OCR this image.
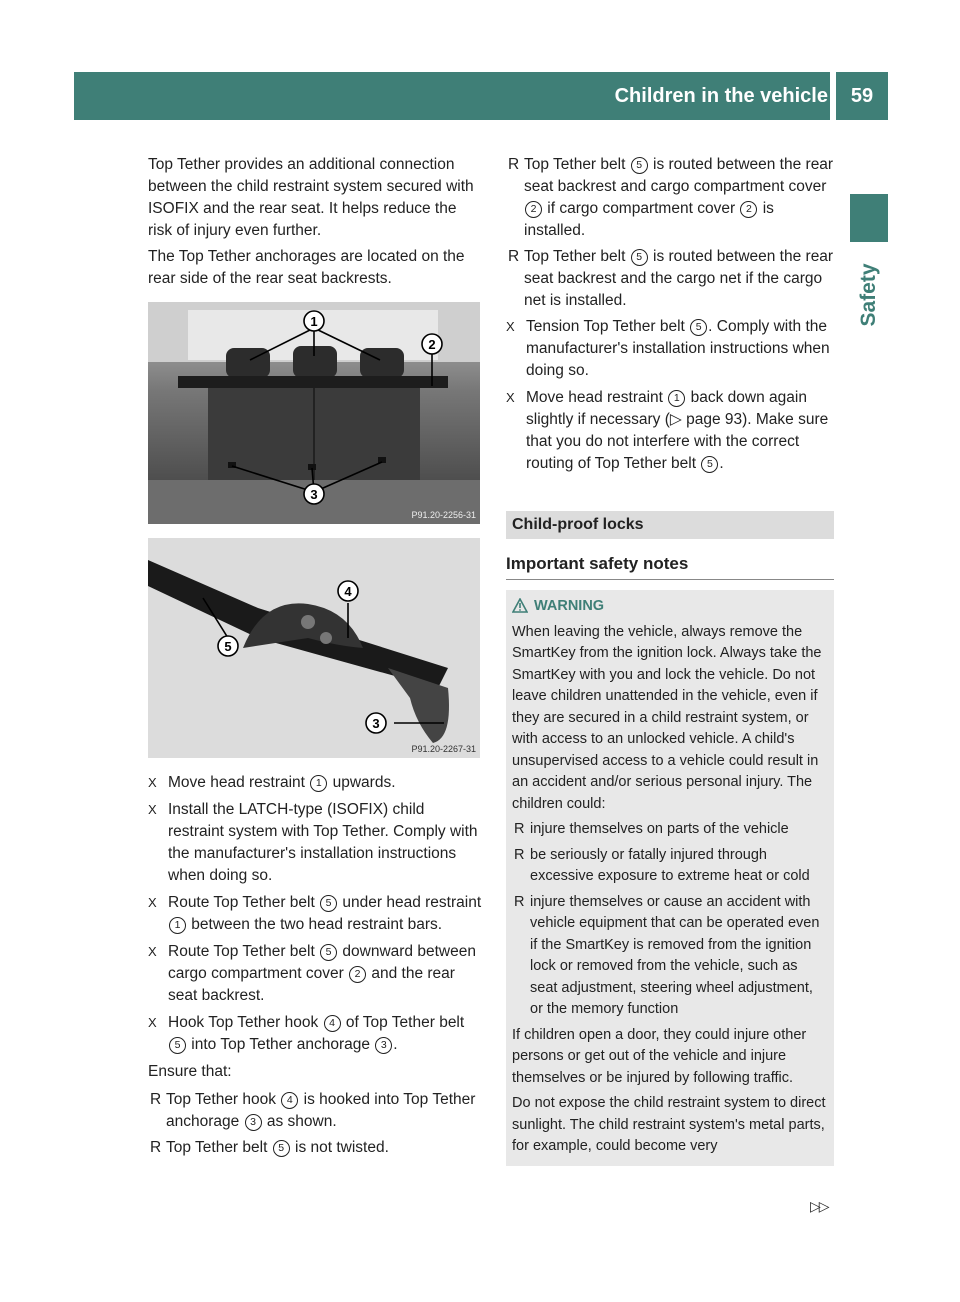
Children in the vehicle	59
Safety

Top Tether provides an additional connection between the child restraint system secured with ISOFIX and the rear seat. It helps reduce the risk of injury even further.

The Top Tether anchorages are located on the rear side of the rear seat backrests.

1
2
3
P91.20-2256-31
4
5
3
P91.20-2267-31

X Move head restraint 1 upwards.

X Install the LATCH-type (ISOFIX) child restraint system with Top Tether. Comply with the manufacturer's installation instructions when doing so.

X Route Top Tether belt 5 under head restraint 1 between the two head restraint bars.

X Route Top Tether belt 5 downward between cargo compartment cover 2 and the rear seat backrest.

X Hook Top Tether hook 4 of Top Tether belt 5 into Top Tether anchorage 3 .

Ensure that:

R Top Tether hook 4 is hooked into Top Tether anchorage 3 as shown.

R Top Tether belt 5 is not twisted.

R Top Tether belt 5 is routed between the rear seat backrest and cargo compartment cover 2 if cargo compartment cover 2 is installed.

R Top Tether belt 5 is routed between the rear seat backrest and the cargo net if the cargo net is installed.

X Tension Top Tether belt 5 . Comply with the manufacturer's installation instructions when doing so.

X Move head restraint 1 back down again slightly if necessary (▷ page 93). Make sure that you do not interfere with the correct routing of Top Tether belt 5 .

Child-proof locks

Important safety notes

WARNING

When leaving the vehicle, always remove the SmartKey from the ignition lock. Always take the SmartKey with you and lock the vehicle. Do not leave children unattended in the vehicle, even if they are secured in a child restraint system, or with access to an unlocked vehicle. A child's unsupervised access to a vehicle could result in an accident and/or serious personal injury. The children could:

R injure themselves on parts of the vehicle

R be seriously or fatally injured through excessive exposure to extreme heat or cold

R injure themselves or cause an accident with vehicle equipment that can be operated even if the SmartKey is removed from the ignition lock or removed from the vehicle, such as seat adjustment, steering wheel adjustment, or the memory function

If children open a door, they could injure other persons or get out of the vehicle and injure themselves or be injured by following traffic.

Do not expose the child restraint system to direct sunlight. The child restraint system's metal parts, for example, could become very

▷▷
